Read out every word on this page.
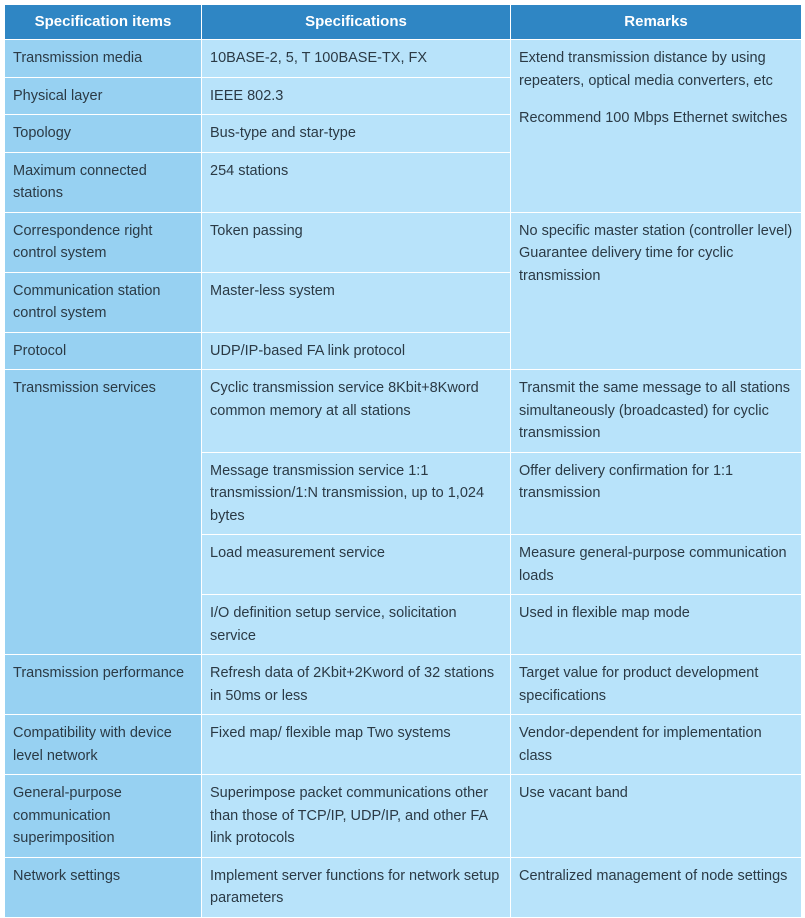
Specification items	Specifications	Remarks
Transmission media	10BASE-2, 5, T 100BASE-TX, FX	Extend transmission distance by using repeaters, optical media converters, etc
Recommend 100 Mbps Ethernet switches

Physical layer	IEEE 802.3	
Topology	Bus-type and star-type	
Maximum connected stations	254 stations	
Correspondence right control system	Token passing	No specific master station (controller level)
Guarantee delivery time for cyclic transmission

Communication station control system	Master-less system	
Protocol	UDP/IP-based FA link protocol	
Transmission services	Cyclic transmission service 8Kbit+8Kword common memory at all stations	Transmit the same message to all stations simultaneously (broadcasted) for cyclic transmission
	Message transmission service 1:1 transmission/1:N transmission, up to 1,024 bytes	Offer delivery confirmation for 1:1 transmission
	Load measurement service	Measure general-purpose communication loads
	I/O definition setup service, solicitation service	Used in flexible map mode
Transmission performance	Refresh data of 2Kbit+2Kword of 32 stations in 50ms or less	Target value for product development specifications
Compatibility with device level network	Fixed map/ flexible map Two systems	Vendor-dependent for implementation class
General-purpose communication superimposition	Superimpose packet communications other than those of TCP/IP, UDP/IP, and other FA link protocols	Use vacant band
Network settings	Implement server functions for network setup parameters	Centralized management of node settings
